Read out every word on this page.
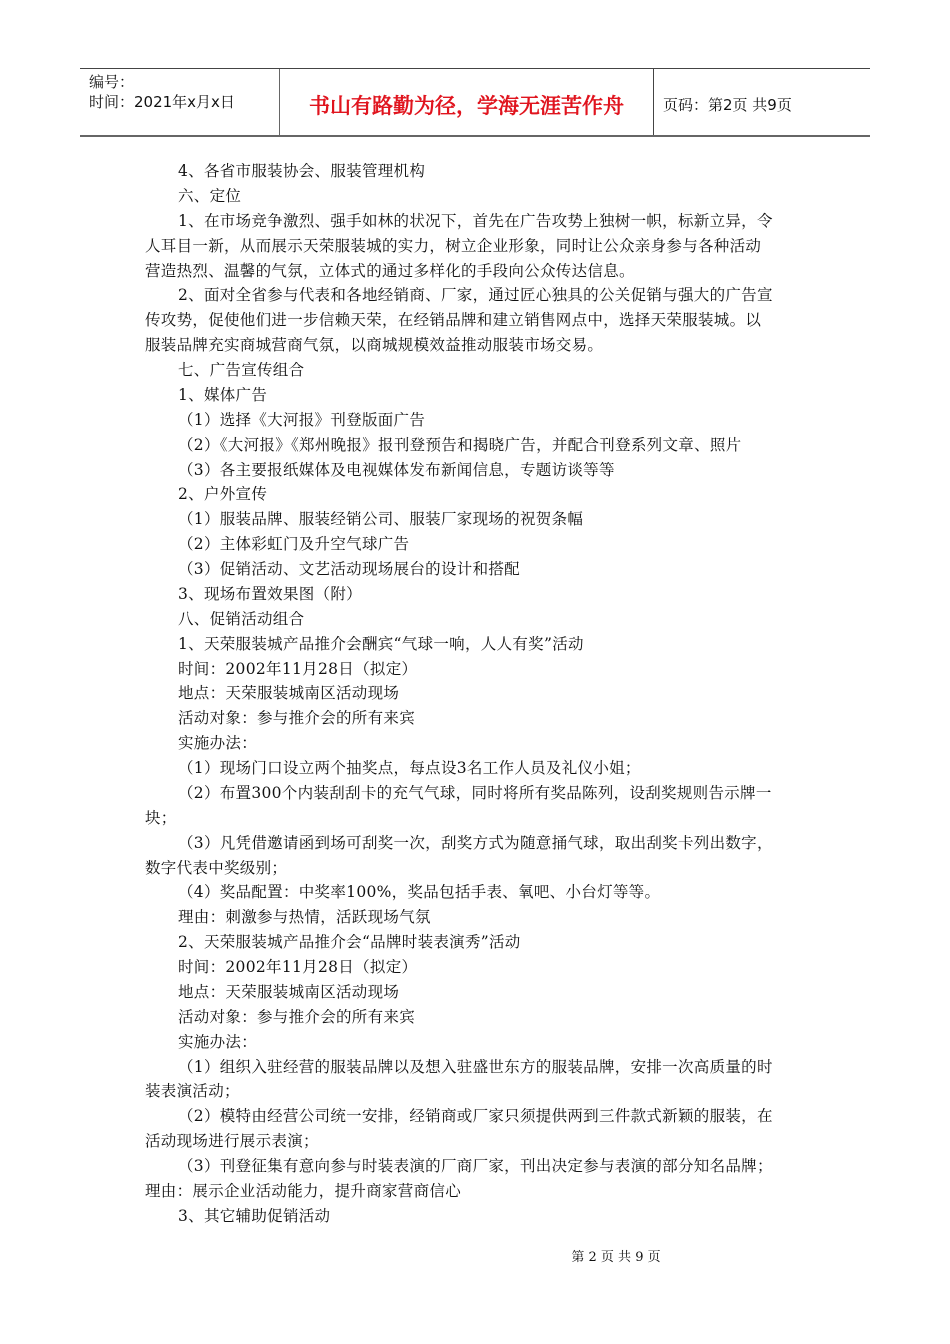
编号：
时间：2021年x月x日	书山有路勤为径，学海无涯苦作舟	页码：第2页 共9页
4、各省市服装协会、服装管理机构
六、定位
1、在市场竞争激烈、强手如林的状况下，首先在广告攻势上独树一帜，标新立异，令
人耳目一新，从而展示天荣服装城的实力，树立企业形象，同时让公众亲身参与各种活动
营造热烈、温馨的气氛，立体式的通过多样化的手段向公众传达信息。
2、面对全省参与代表和各地经销商、厂家，通过匠心独具的公关促销与强大的广告宣
传攻势，促使他们进一步信赖天荣，在经销品牌和建立销售网点中，选择天荣服装城。以
服装品牌充实商城营商气氛，以商城规模效益推动服装市场交易。
七、广告宣传组合
1、媒体广告
（1）选择《大河报》刊登版面广告
（2）《大河报》《郑州晚报》报刊登预告和揭晓广告，并配合刊登系列文章、照片
（3）各主要报纸媒体及电视媒体发布新闻信息，专题访谈等等
2、户外宣传
（1）服装品牌、服装经销公司、服装厂家现场的祝贺条幅
（2）主体彩虹门及升空气球广告
（3）促销活动、文艺活动现场展台的设计和搭配
3、现场布置效果图（附）
八、促销活动组合
1、天荣服装城产品推介会酬宾“气球一响，人人有奖”活动
时间：2002年11月28日（拟定）
地点：天荣服装城南区活动现场
活动对象：参与推介会的所有来宾
实施办法：
（1）现场门口设立两个抽奖点，每点设3名工作人员及礼仪小姐；
（2）布置300个内装刮刮卡的充气气球，同时将所有奖品陈列，设刮奖规则告示牌一
块；
（3）凡凭借邀请函到场可刮奖一次，刮奖方式为随意捅气球，取出刮奖卡列出数字，
数字代表中奖级别；
（4）奖品配置：中奖率100%，奖品包括手表、氧吧、小台灯等等。
理由：刺激参与热情，活跃现场气氛
2、天荣服装城产品推介会“品牌时装表演秀”活动
时间：2002年11月28日（拟定）
地点：天荣服装城南区活动现场
活动对象：参与推介会的所有来宾
实施办法：
（1）组织入驻经营的服装品牌以及想入驻盛世东方的服装品牌，安排一次高质量的时
装表演活动；
（2）模特由经营公司统一安排，经销商或厂家只须提供两到三件款式新颖的服装，在
活动现场进行展示表演；
（3）刊登征集有意向参与时装表演的厂商厂家，刊出决定参与表演的部分知名品牌；
理由：展示企业活动能力，提升商家营商信心
3、其它辅助促销活动
第 2 页 共 9 页
